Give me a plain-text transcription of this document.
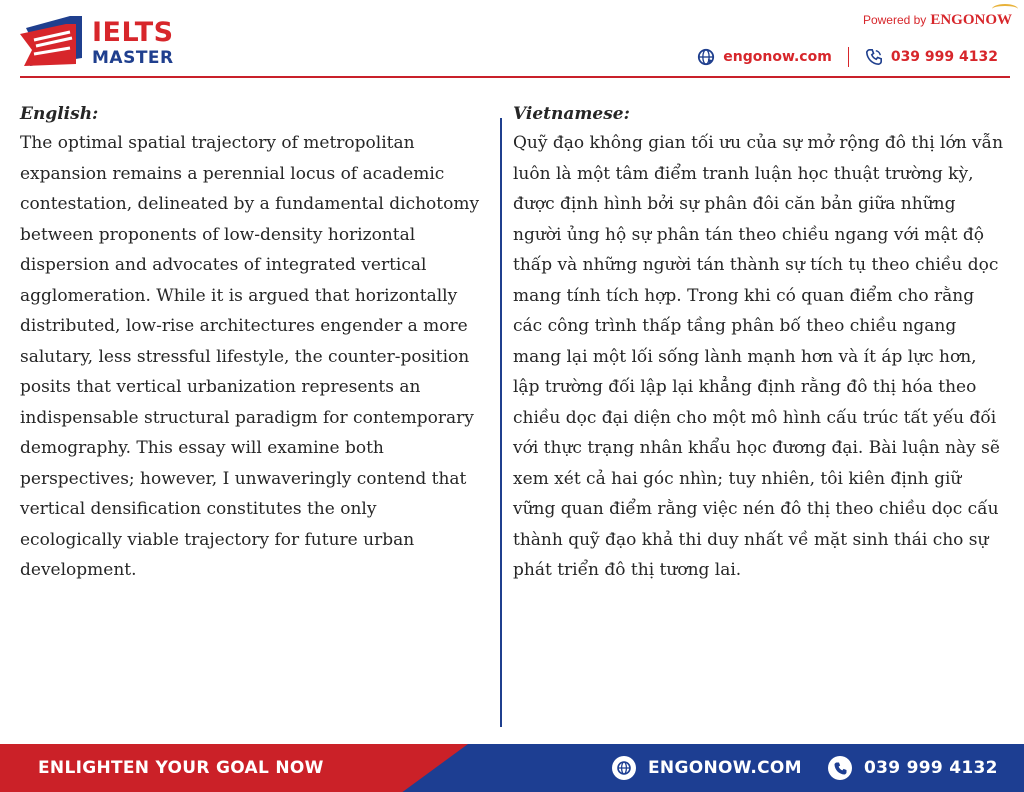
IELTS
MASTER
Powered by ENGONOW
engonow.com	039 999 4132
English:

The optimal spatial trajectory of metropolitan expansion remains a perennial locus of academic contestation, delineated by a fundamental dichotomy between proponents of low-density horizontal dispersion and advocates of integrated vertical agglomeration. While it is argued that horizontally distributed, low-rise architectures engender a more salutary, less stressful lifestyle, the counter-position posits that vertical urbanization represents an indispensable structural paradigm for contemporary demography. This essay will examine both perspectives; however, I unwaveringly contend that vertical densification constitutes the only ecologically viable trajectory for future urban development.

Vietnamese:

Quỹ đạo không gian tối ưu của sự mở rộng đô thị lớn vẫn luôn là một tâm điểm tranh luận học thuật trường kỳ, được định hình bởi sự phân đôi căn bản giữa những người ủng hộ sự phân tán theo chiều ngang với mật độ thấp và những người tán thành sự tích tụ theo chiều dọc mang tính tích hợp. Trong khi có quan điểm cho rằng các công trình thấp tầng phân bố theo chiều ngang mang lại một lối sống lành mạnh hơn và ít áp lực hơn, lập trường đối lập lại khẳng định rằng đô thị hóa theo chiều dọc đại diện cho một mô hình cấu trúc tất yếu đối với thực trạng nhân khẩu học đương đại. Bài luận này sẽ xem xét cả hai góc nhìn; tuy nhiên, tôi kiên định giữ vững quan điểm rằng việc nén đô thị theo chiều dọc cấu thành quỹ đạo khả thi duy nhất về mặt sinh thái cho sự phát triển đô thị tương lai.

ENLIGHTEN YOUR GOAL NOW	ENGONOW.COM	039 999 4132
